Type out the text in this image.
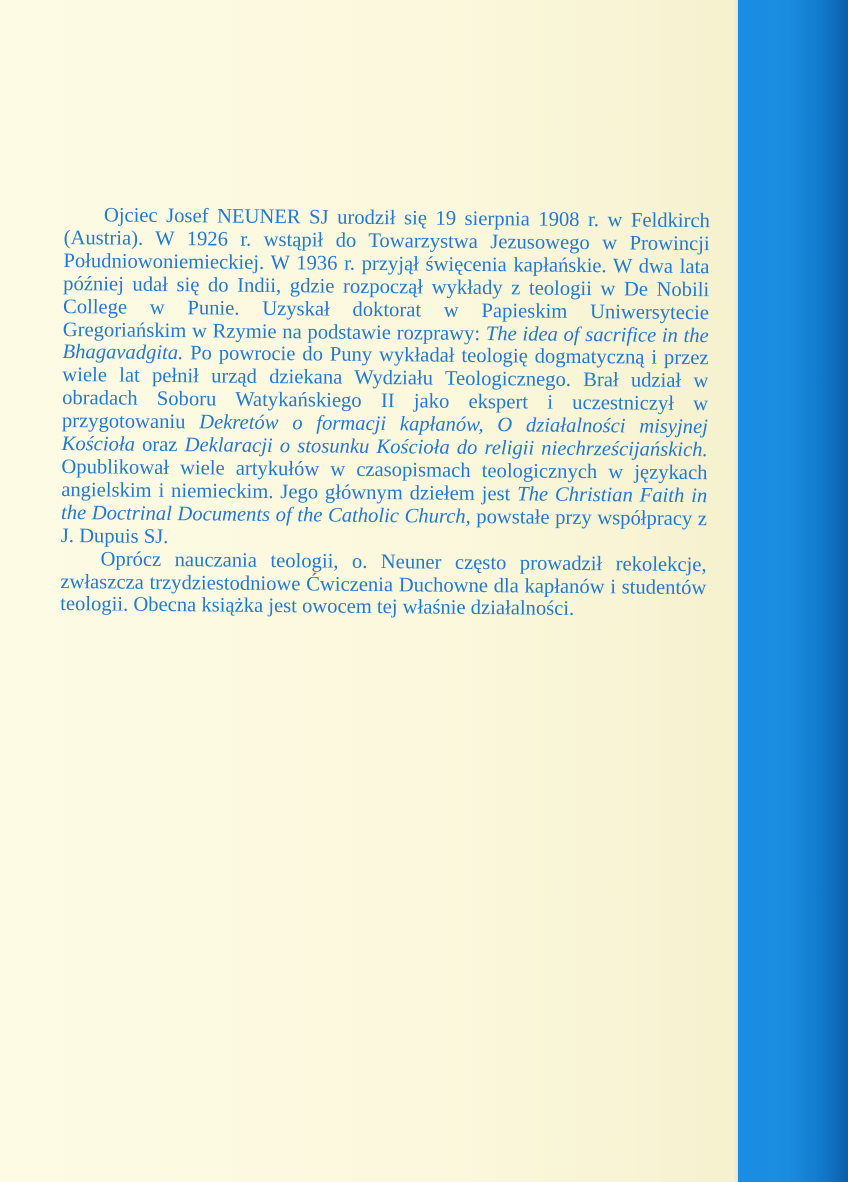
Ojciec Josef NEUNER SJ urodził się 19 sierpnia 1908 r. w Feldkirch (Austria). W 1926 r. wstąpił do Towarzystwa Jezusowego w Prowincji Południowoniemieckiej. W 1936 r. przyjął święcenia kapłańskie. W dwa lata później udał się do Indii, gdzie rozpoczął wykłady z teologii w De Nobili College w Punie. Uzyskał doktorat w Papieskim Uniwersytecie Gregoriańskim w Rzymie na podstawie rozprawy: The idea of sacrifice in the Bhagavadgita. Po powrocie do Puny wykładał teologię dogmatyczną i przez wiele lat pełnił urząd dziekana Wydziału Teologicznego. Brał udział w obradach Soboru Watykańskiego II jako ekspert i uczestniczył w przygotowaniu Dekretów o formacji kapłanów, O działalności misyjnej Kościoła oraz Deklaracji o stosunku Kościoła do religii niechrześcijańskich. Opublikował wiele artykułów w czasopismach teologicznych w językach angielskim i niemieckim. Jego głównym dziełem jest The Christian Faith in the Doctrinal Documents of the Catholic Church, powstałe przy współpracy z J. Dupuis SJ.

Oprócz nauczania teologii, o. Neuner często prowadził rekolekcje, zwłaszcza trzydziestodniowe Ćwiczenia Duchowne dla kapłanów i studentów teologii. Obecna książka jest owocem tej właśnie działalności.
